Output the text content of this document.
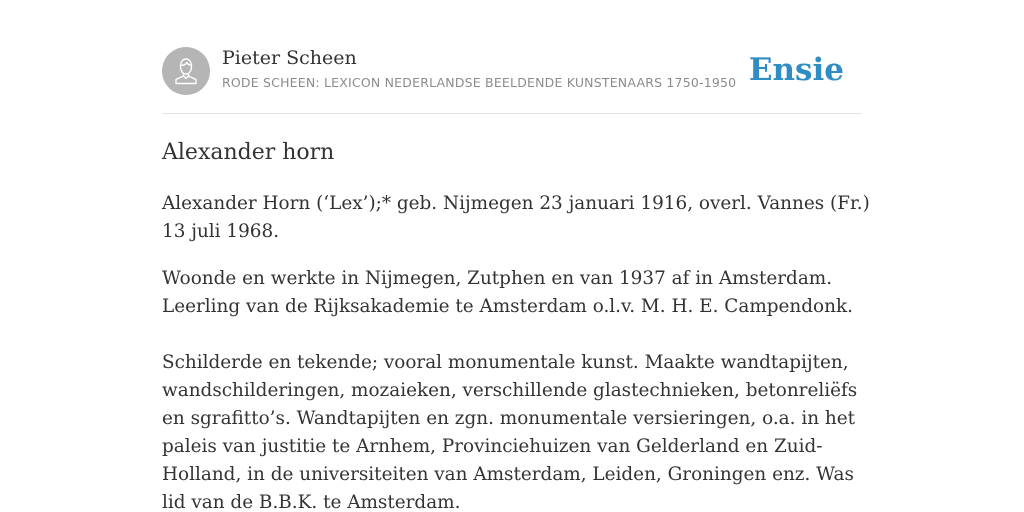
Pieter Scheen
RODE SCHEEN: LEXICON NEDERLANDSE BEELDENDE KUNSTENAARS 1750-1950 Ensie
Alexander horn

Alexander Horn (‘Lex’);* geb. Nijmegen 23 januari 1916, overl. Vannes (Fr.) 13 juli 1968.

Woonde en werkte in Nijmegen, Zutphen en van 1937 af in Amsterdam. Leerling van de Rijksakademie te Amsterdam o.l.v. M. H. E. Campendonk.

Schilderde en tekende; vooral monumentale kunst. Maakte wandtapijten, wandschilderingen, mozaieken, verschillende glastechnieken, betonreliëfs en sgrafitto’s. Wandtapijten en zgn. monumentale versieringen, o.a. in het paleis van justitie te Arnhem, Provinciehuizen van Gelderland en Zuid-Holland, in de universiteiten van Amsterdam, Leiden, Groningen enz. Was lid van de B.B.K. te Amsterdam.
